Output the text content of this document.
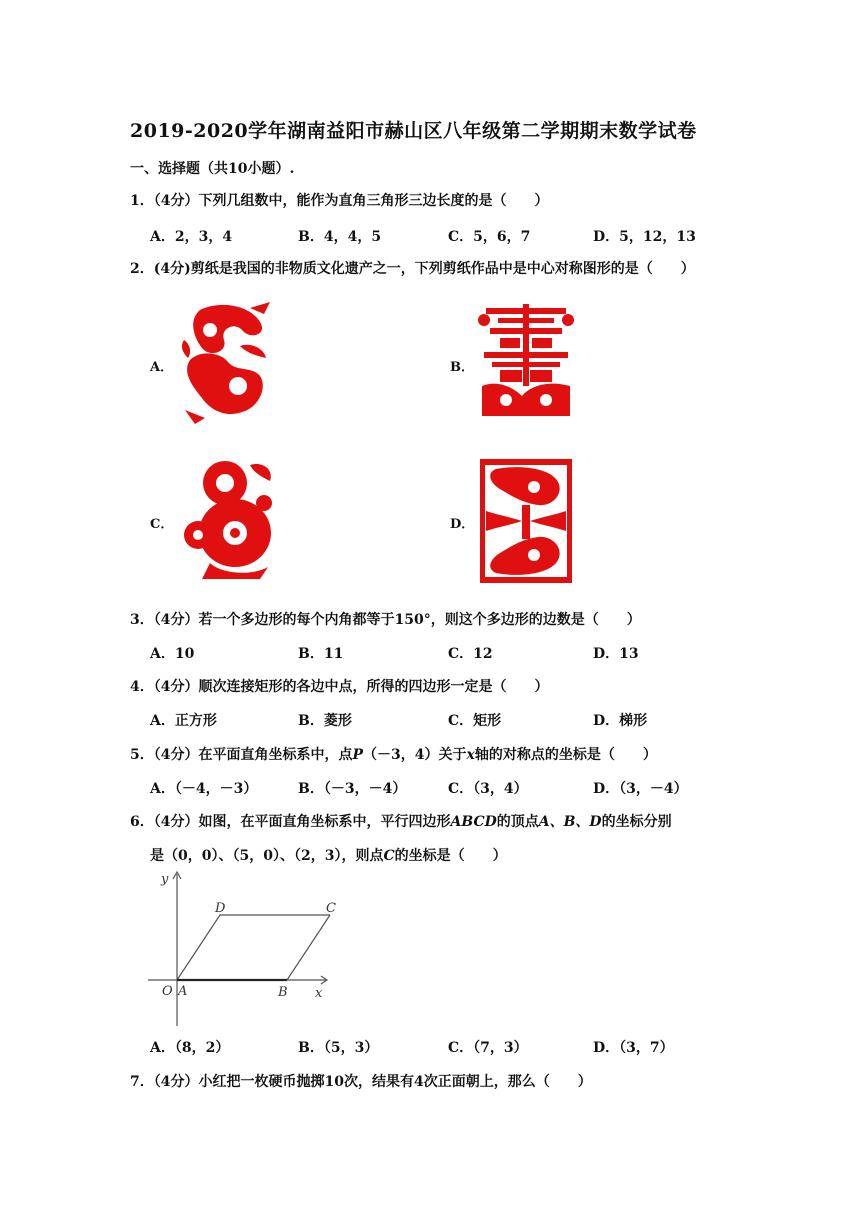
2019-2020学年湖南益阳市赫山区八年级第二学期期末数学试卷
一、选择题（共10小题）.
1．（4分）下列几组数中，能作为直角三角形三边长度的是（　　）
A．2，3，4	B．4，4，5	C．5，6，7	D．5，12，13
2．(4分)剪纸是我国的非物质文化遗产之一，下列剪纸作品中是中心对称图形的是（　　）
A．	B．
C．	D．
3．（4分）若一个多边形的每个内角都等于150°，则这个多边形的边数是（　　）
A．10	B．11	C．12	D．13
4．（4分）顺次连接矩形的各边中点，所得的四边形一定是（　　）
A．正方形	B．菱形	C．矩形	D．梯形
5．（4分）在平面直角坐标系中，点P（－3，4）关于x轴的对称点的坐标是（　　）
A．（－4，－3）	B．（－3，－4）	C．（3，4）	D．（3，－4）
6．（4分）如图，在平面直角坐标系中，平行四边形ABCD的顶点A、B、D的坐标分别
是（0，0）、（5，0）、（2，3），则点C的坐标是（　　）
y
x
O A	B
C
D
A．（8，2）	B．（5，3）	C．（7，3）	D．（3，7）
7．（4分）小红把一枚硬币抛掷10次，结果有4次正面朝上，那么（　　）
